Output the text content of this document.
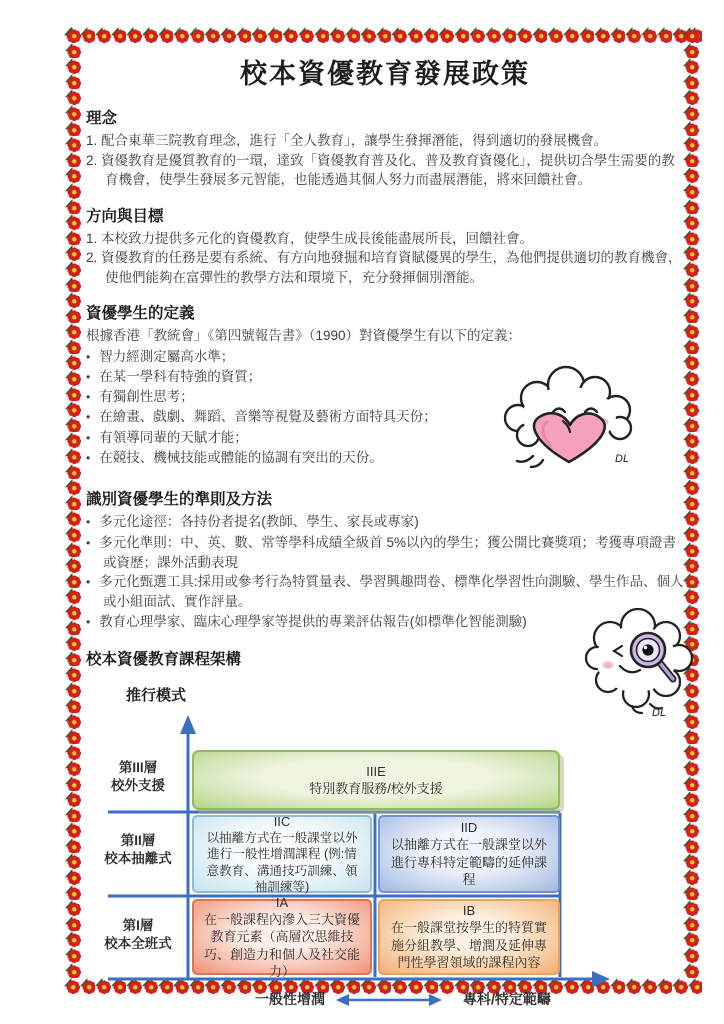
校本資優教育發展政策
理念
配合東華三院教育理念，進行「全人教育」，讓學生發揮潛能，得到適切的發展機會。
資優教育是優質教育的一環，達致「資優教育普及化、普及教育資優化」，提供切合學生需要的教育機會，使學生發展多元智能，也能透過其個人努力而盡展潛能，將來回饋社會。
方向與目標
本校致力提供多元化的資優教育，使學生成長後能盡展所長，回饋社會。
資優教育的任務是要有系統、有方向地發掘和培育資賦優異的學生，為他們提供適切的教育機會，使他們能夠在富彈性的教學方法和環境下，充分發揮個別潛能。
資優學生的定義

根據香港「教統會」《第四號報告書》（1990）對資優學生有以下的定義：

• 智力經測定屬高水準；
• 在某一學科有特強的資質；
• 有獨創性思考；
• 在繪畫、戲劇、舞蹈、音樂等視覺及藝術方面特具天份；
• 有領導同輩的天賦才能；
• 在競技、機械技能或體能的協調有突出的天份。
識別資優學生的準則及方法
• 多元化途徑：各持份者提名(教師、學生、家長或專家)
• 多元化準則：中、英、數、常等學科成績全級首 5%以內的學生；獲公開比賽獎項；考獲專項證書或資歷；課外活動表現
• 多元化甄選工具:採用或參考行為特質量表、學習興趣問卷、標準化學習性向測驗、學生作品、個人或小組面試、實作評量。
• 教育心理學家、臨床心理學家等提供的專業評估報告(如標準化智能測驗)
校本資優教育課程架構
推行模式
第III層
校外支援
第II層
校本抽離式
第I層
校本全班式
IIIE
特別教育服務/校外支援
IIC
以抽離方式在一般課堂以外進行一般性增潤課程 (例:情意教育、溝通技巧訓練、領袖訓練等)
IID
以抽離方式在一般課堂以外進行專科特定範疇的延伸課程
IA
在一般課程內滲入三大資優教育元素（高層次思維技巧、創造力和個人及社交能力）
IB
在一般課堂按學生的特質實施分組教學、增潤及延伸專門性學習領域的課程內容
一般性增潤	專科/特定範疇
DL
DL
